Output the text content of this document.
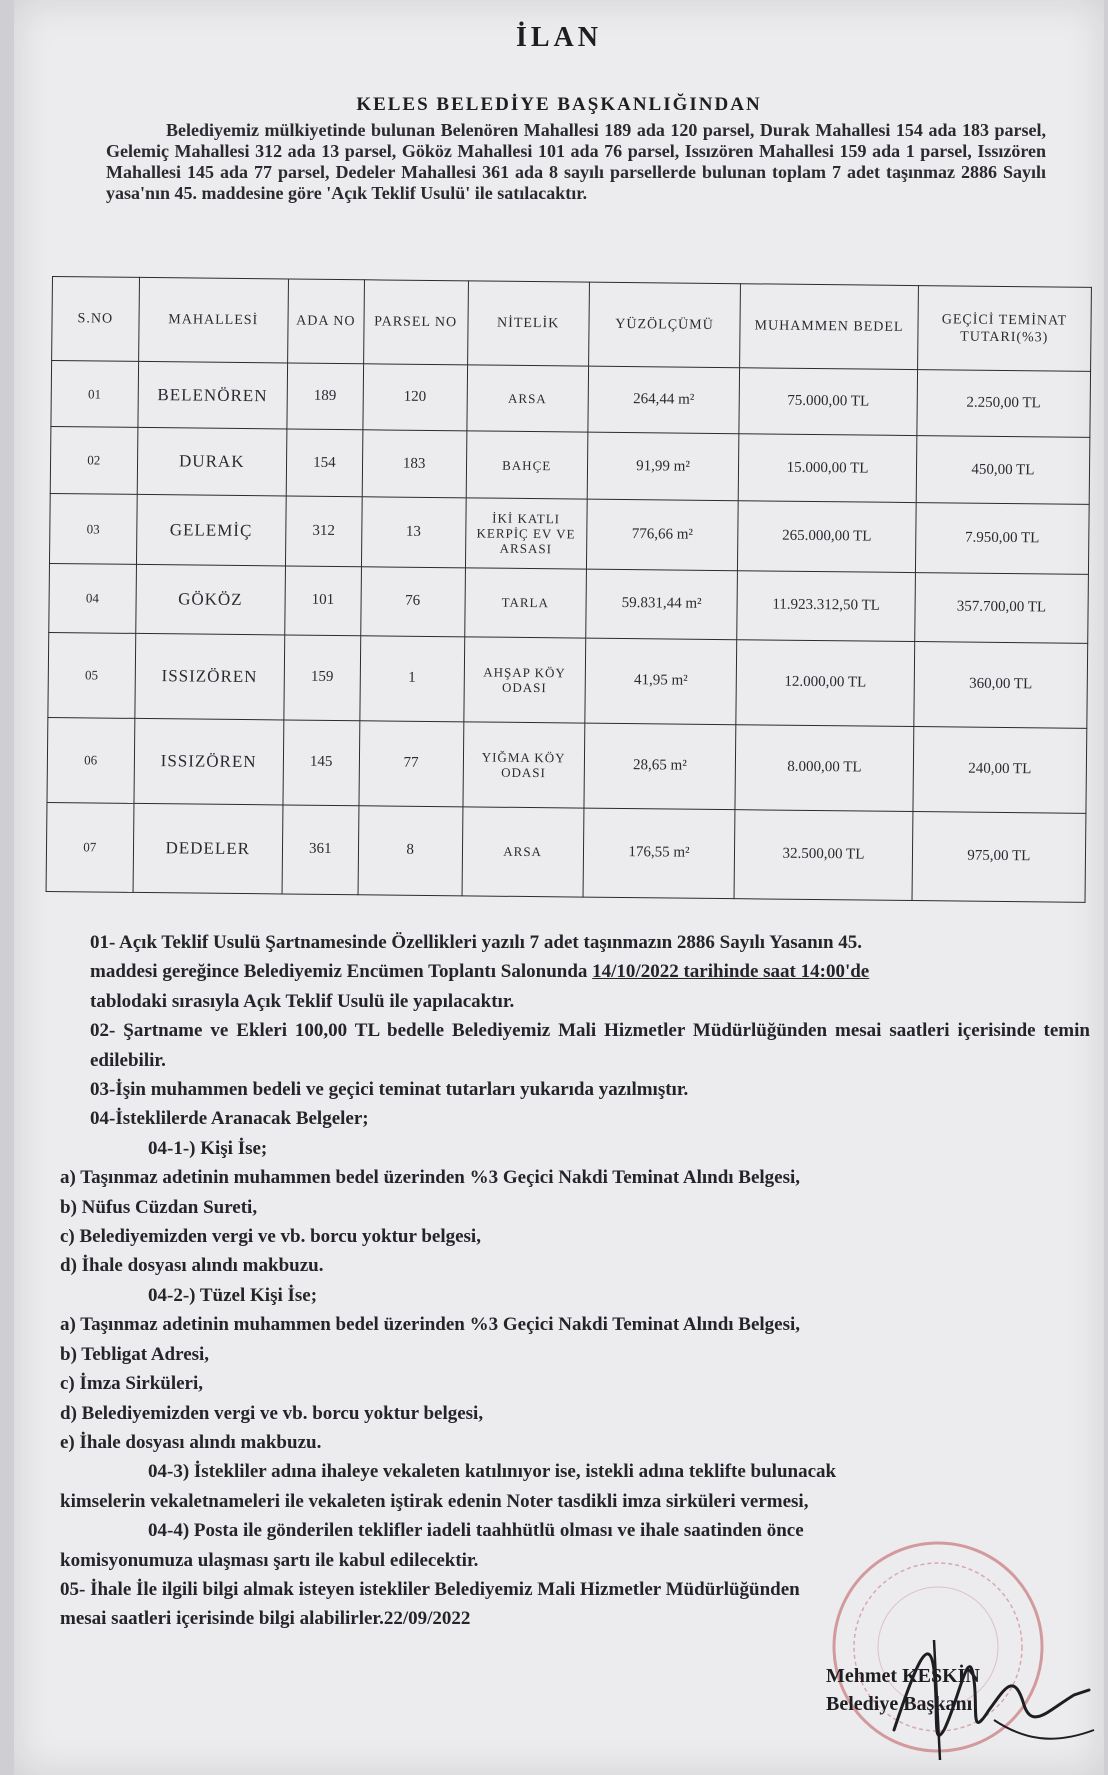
İLAN
KELES BELEDİYE BAŞKANLIĞINDAN
Belediyemiz mülkiyetinde bulunan Belenören Mahallesi 189 ada 120 parsel, Durak Mahallesi 154 ada 183 parsel, Gelemiç Mahallesi 312 ada 13 parsel, Gököz Mahallesi 101 ada 76 parsel, Issızören Mahallesi 159 ada 1 parsel, Issızören Mahallesi 145 ada 77 parsel, Dedeler Mahallesi 361 ada 8 sayılı parsellerde bulunan toplam 7 adet taşınmaz 2886 Sayılı yasa'nın 45. maddesine göre 'Açık Teklif Usulü' ile satılacaktır.
S.NO	MAHALLESİ	ADA NO	PARSEL NO	NİTELİK	YÜZÖLÇÜMÜ	MUHAMMEN BEDEL	GEÇİCİ TEMİNAT TUTARI(%3)
01	BELENÖREN	189	120	ARSA	264,44 m²	75.000,00 TL	2.250,00 TL
02	DURAK	154	183	BAHÇE	91,99 m²	15.000,00 TL	450,00 TL
03	GELEMİÇ	312	13	İKİ KATLI KERPİÇ EV VE ARSASI	776,66 m²	265.000,00 TL	7.950,00 TL
04	GÖKÖZ	101	76	TARLA	59.831,44 m²	11.923.312,50 TL	357.700,00 TL
05	ISSIZÖREN	159	1	AHŞAP KÖY ODASI	41,95 m²	12.000,00 TL	360,00 TL
06	ISSIZÖREN	145	77	YIĞMA KÖY ODASI	28,65 m²	8.000,00 TL	240,00 TL
07	DEDELER	361	8	ARSA	176,55 m²	32.500,00 TL	975,00 TL

01- Açık Teklif Usulü Şartnamesinde Özellikleri yazılı 7 adet taşınmazın 2886 Sayılı Yasanın 45.

maddesi gereğince Belediyemiz Encümen Toplantı Salonunda 14/10/2022 tarihinde saat 14:00'de

tablodaki sırasıyla Açık Teklif Usulü ile yapılacaktır.

02- Şartname ve Ekleri 100,00 TL bedelle Belediyemiz Mali Hizmetler Müdürlüğünden mesai saatleri içerisinde temin edilebilir.

03-İşin muhammen bedeli ve geçici teminat tutarları yukarıda yazılmıştır.

04-İsteklilerde Aranacak Belgeler;

04-1-) Kişi İse;

a) Taşınmaz adetinin muhammen bedel üzerinden %3 Geçici Nakdi Teminat Alındı Belgesi,

b) Nüfus Cüzdan Sureti,

c) Belediyemizden vergi ve vb. borcu yoktur belgesi,

d) İhale dosyası alındı makbuzu.

04-2-) Tüzel Kişi İse;

a) Taşınmaz adetinin muhammen bedel üzerinden %3 Geçici Nakdi Teminat Alındı Belgesi,

b) Tebligat Adresi,

c) İmza Sirküleri,

d) Belediyemizden vergi ve vb. borcu yoktur belgesi,

e) İhale dosyası alındı makbuzu.

04-3) İstekliler adına ihaleye vekaleten katılınıyor ise, istekli adına teklifte bulunacak

kimselerin vekaletnameleri ile vekaleten iştirak edenin Noter tasdikli imza sirküleri vermesi,

04-4) Posta ile gönderilen teklifler iadeli taahhütlü olması ve ihale saatinden önce

komisyonumuza ulaşması şartı ile kabul edilecektir.

05- İhale İle ilgili bilgi almak isteyen istekliler Belediyemiz Mali Hizmetler Müdürlüğünden

mesai saatleri içerisinde bilgi alabilirler.22/09/2022

Mehmet KESKİN
Belediye Başkanı
